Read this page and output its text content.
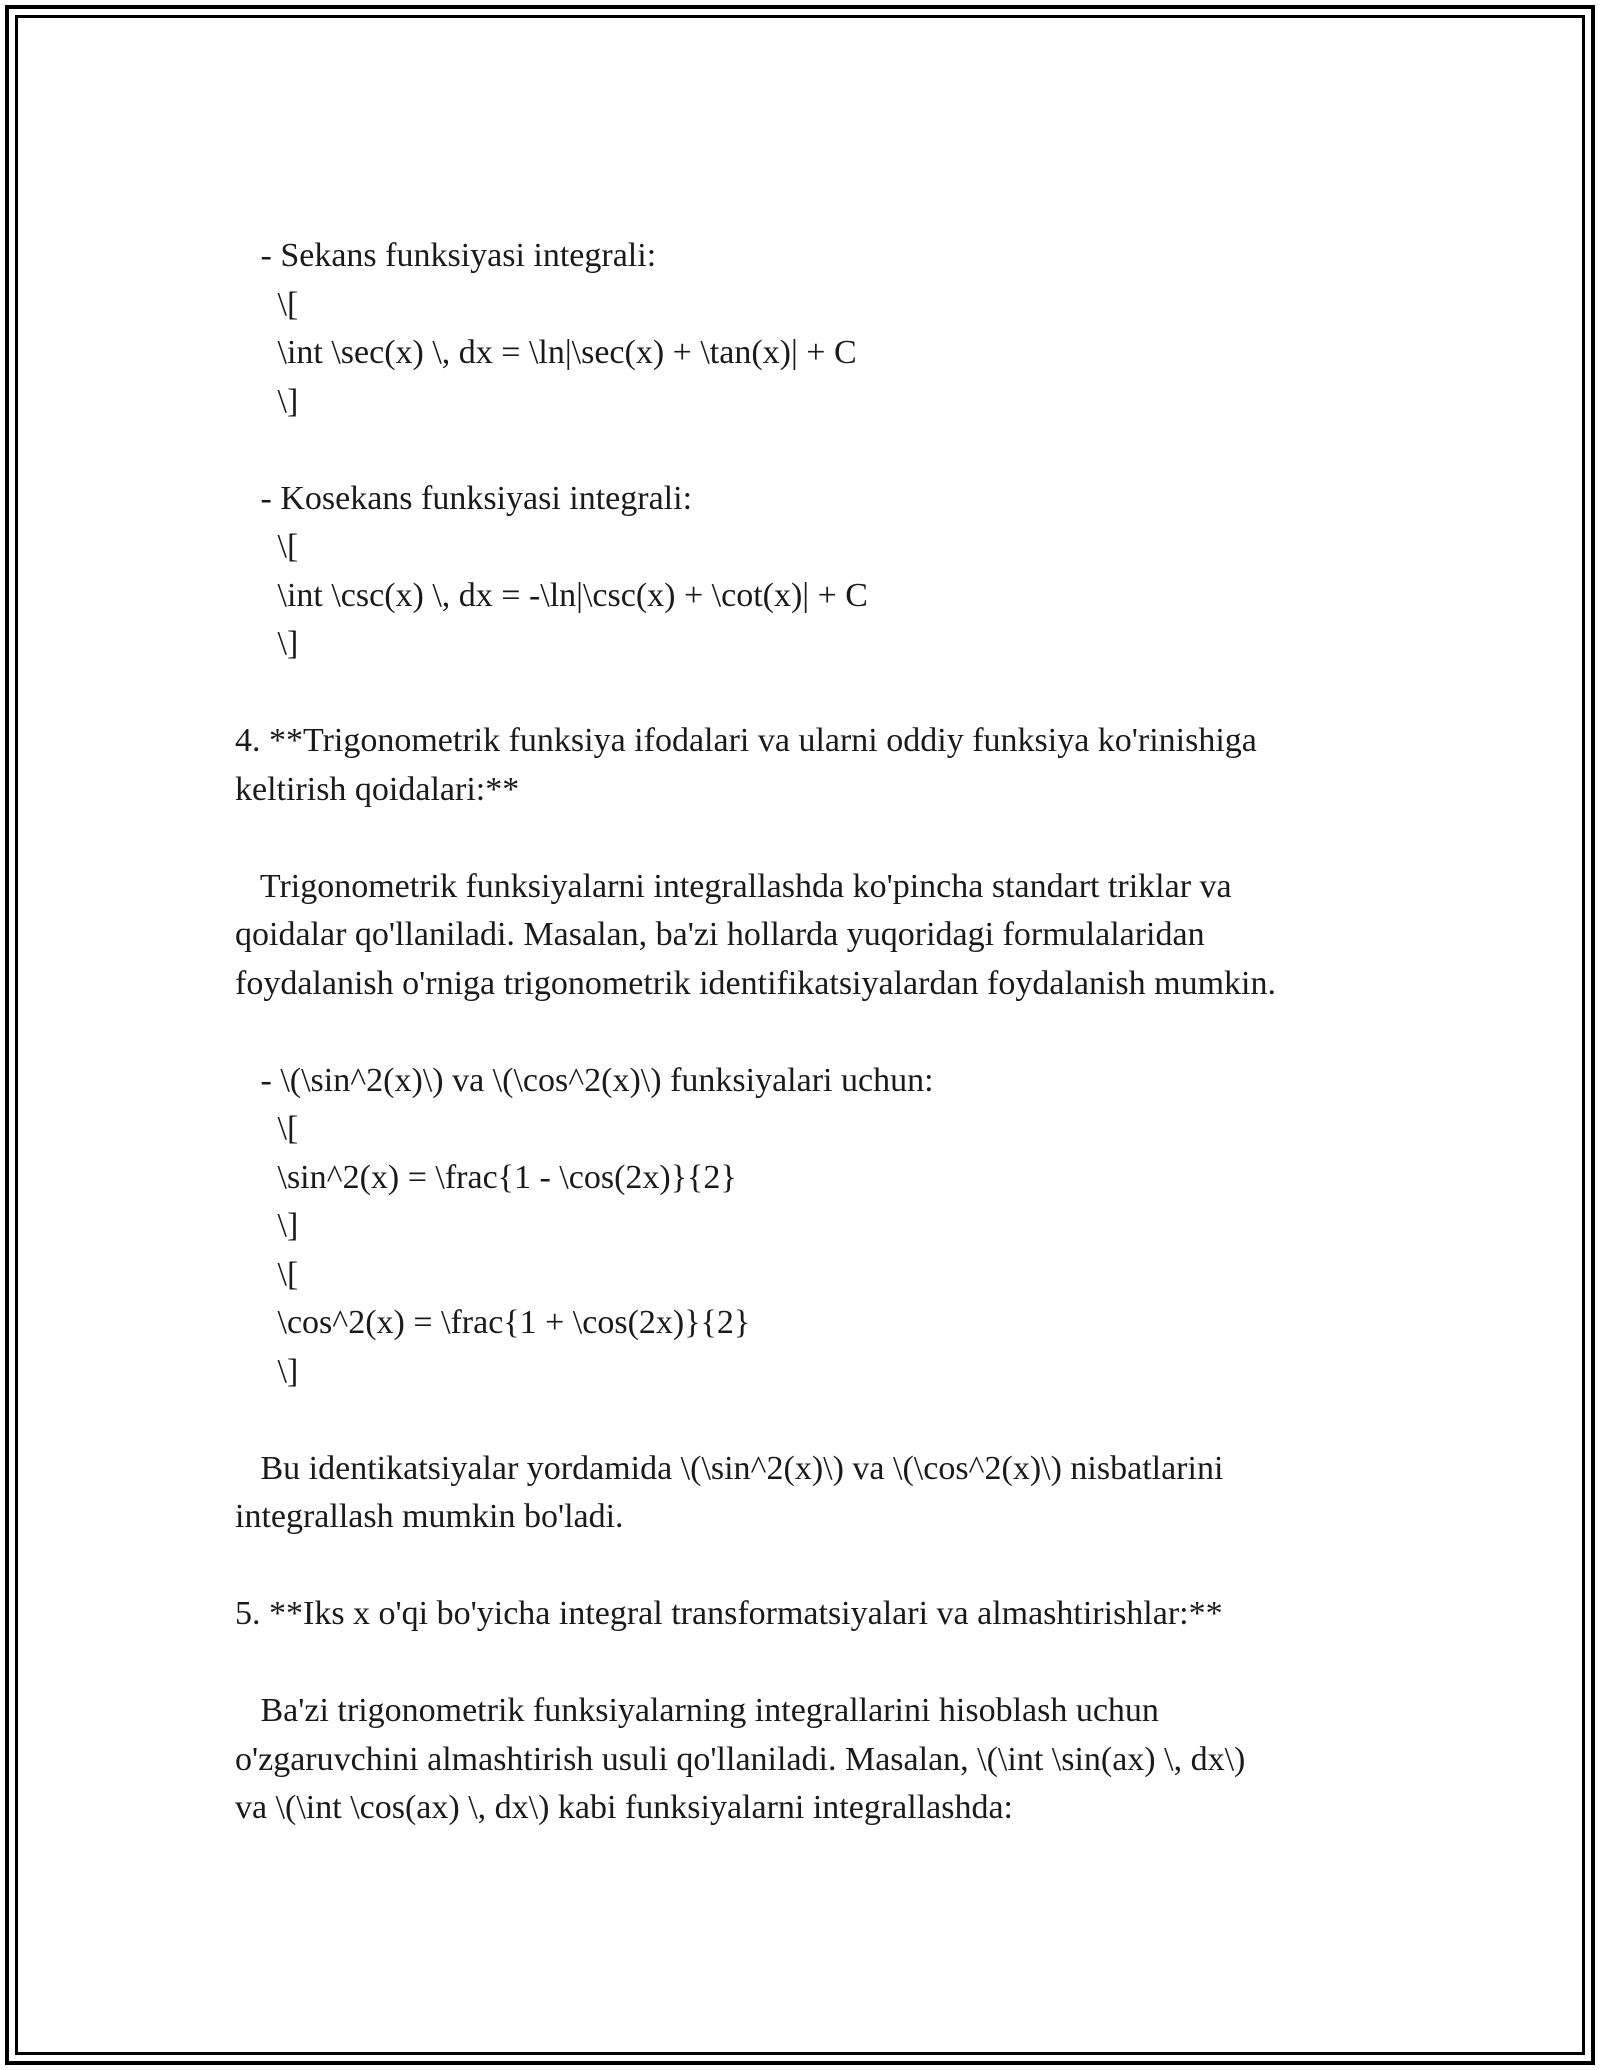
- Sekans funksiyasi integrali:
\[
\int \sec(x) \, dx = \ln|\sec(x) + \tan(x)| + C
\]
- Kosekans funksiyasi integrali:
\[
\int \csc(x) \, dx = -\ln|\csc(x) + \cot(x)| + C
\]
4. **Trigonometrik funksiya ifodalari va ularni oddiy funksiya ko'rinishiga
keltirish qoidalari:**
Trigonometrik funksiyalarni integrallashda ko'pincha standart triklar va
qoidalar qo'llaniladi. Masalan, ba'zi hollarda yuqoridagi formulalaridan
foydalanish o'rniga trigonometrik identifikatsiyalardan foydalanish mumkin.
- \(\sin^2(x)\) va \(\cos^2(x)\) funksiyalari uchun:
\[
\sin^2(x) = \frac{1 - \cos(2x)}{2}
\]
\[
\cos^2(x) = \frac{1 + \cos(2x)}{2}
\]
Bu identikatsiyalar yordamida \(\sin^2(x)\) va \(\cos^2(x)\) nisbatlarini
integrallash mumkin bo'ladi.
5. **Iks x o'qi bo'yicha integral transformatsiyalari va almashtirishlar:**
Ba'zi trigonometrik funksiyalarning integrallarini hisoblash uchun
o'zgaruvchini almashtirish usuli qo'llaniladi. Masalan, \(\int \sin(ax) \, dx\)
va \(\int \cos(ax) \, dx\) kabi funksiyalarni integrallashda:
